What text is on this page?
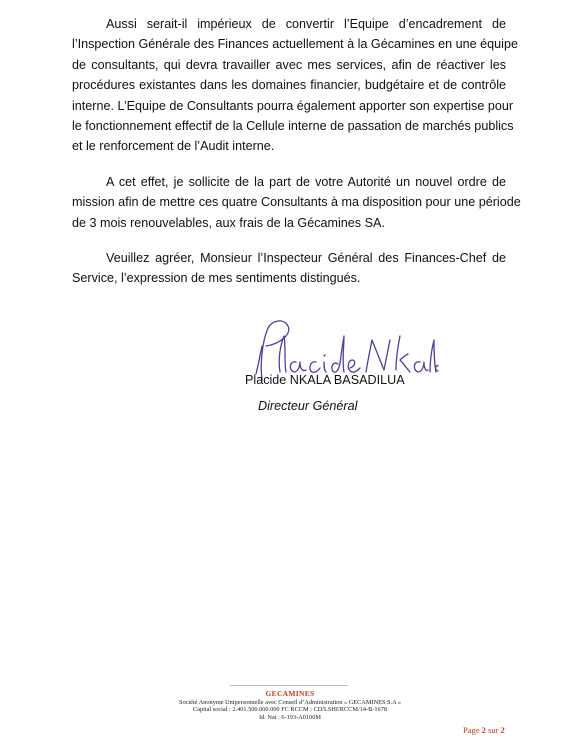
Aussi serait-il impérieux de convertir l’Equipe d’encadrement de
l’Inspection Générale des Finances actuellement à la Gécamines en une équipe
de consultants, qui devra travailler avec mes services, afin de réactiver les
procédures existantes dans les domaines financier, budgétaire et de contrôle
interne. L’Equipe de Consultants pourra également apporter son expertise pour
le fonctionnement effectif de la Cellule interne de passation de marchés publics
et le renforcement de l’Audit interne.

A cet effet, je sollicite de la part de votre Autorité un nouvel ordre de
mission afin de mettre ces quatre Consultants à ma disposition pour une période
de 3 mois renouvelables, aux frais de la Gécamines SA.

Veuillez agréer, Monsieur l’Inspecteur Général des Finances-Chef de
Service, l’expression de mes sentiments distingués.

Placide NKALA BASADILUA
Directeur Général
GECAMINES
Société Anonyme Unipersonnelle avec Conseil d’Administration « GECAMINES S.A »
Capital social : 2.401.500.000.000 FC RCCM : CD/LSHI/RCCM/14-B-1678
Id. Nat : 6-193-A0100M
Page 2 sur 2
